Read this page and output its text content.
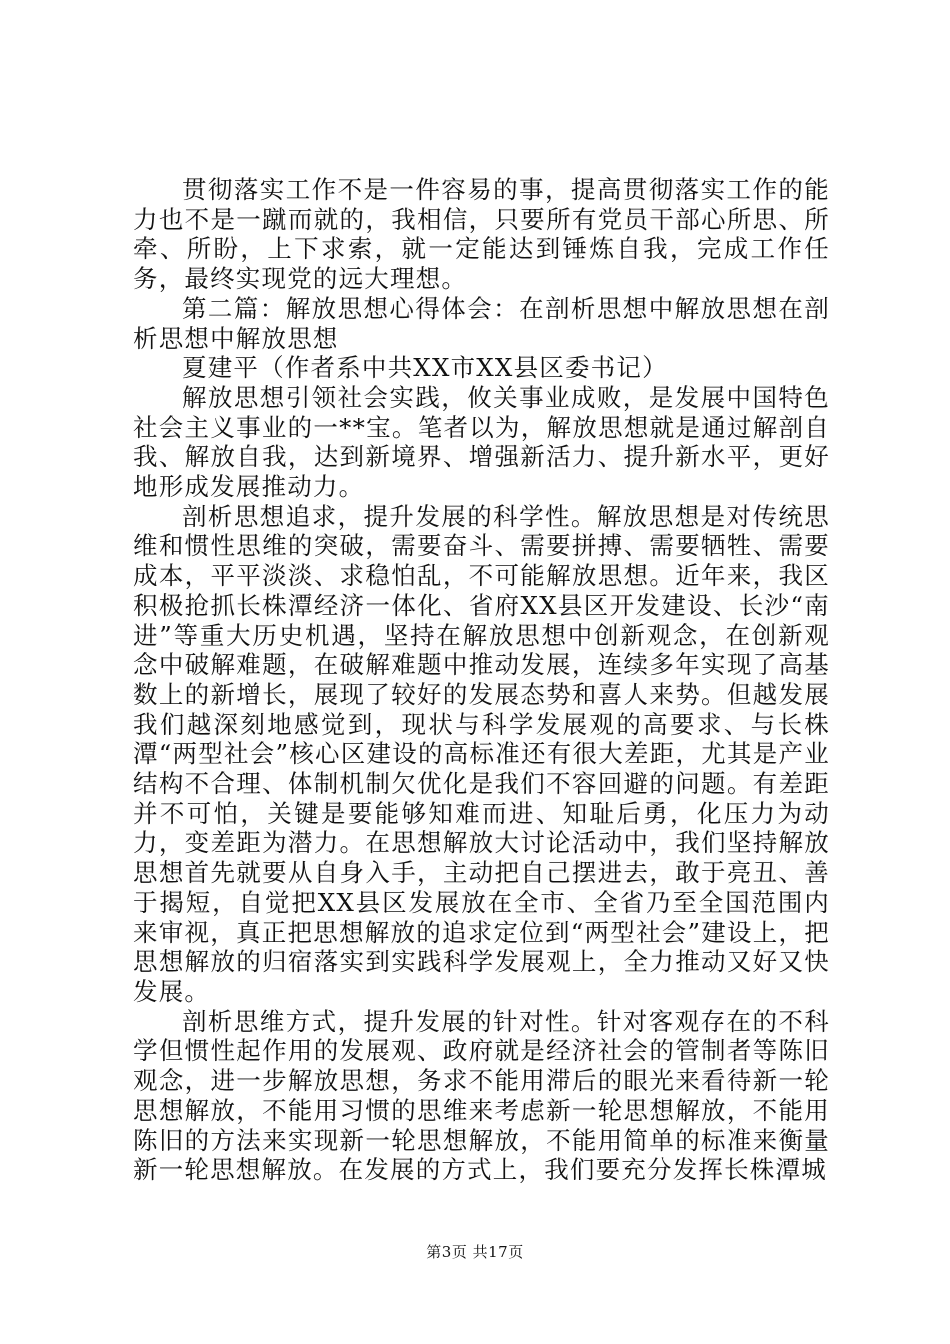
贯彻落实工作不是一件容易的事，提高贯彻落实工作的能力也不是一蹴而就的，我相信，只要所有党员干部心所思、所牵、所盼，上下求索，就一定能达到锤炼自我，完成工作任务，最终实现党的远大理想。

第二篇：解放思想心得体会：在剖析思想中解放思想在剖析思想中解放思想

夏建平（作者系中共XX市XX县区委书记）

解放思想引领社会实践，攸关事业成败，是发展中国特色社会主义事业的一**宝。笔者以为，解放思想就是通过解剖自我、解放自我，达到新境界、增强新活力、提升新水平，更好地形成发展推动力。

剖析思想追求，提升发展的科学性。解放思想是对传统思维和惯性思维的突破，需要奋斗、需要拼搏、需要牺牲、需要成本，平平淡淡、求稳怕乱，不可能解放思想。近年来，我区积极抢抓长株潭经济一体化、省府XX县区开发建设、长沙“南进”等重大历史机遇，坚持在解放思想中创新观念，在创新观念中破解难题，在破解难题中推动发展，连续多年实现了高基数上的新增长，展现了较好的发展态势和喜人来势。但越发展我们越深刻地感觉到，现状与科学发展观的高要求、与长株潭“两型社会”核心区建设的高标准还有很大差距，尤其是产业结构不合理、体制机制欠优化是我们不容回避的问题。有差距并不可怕，关键是要能够知难而进、知耻后勇，化压力为动力，变差距为潜力。在思想解放大讨论活动中，我们坚持解放思想首先就要从自身入手，主动把自己摆进去，敢于亮丑、善于揭短，自觉把XX县区发展放在全市、全省乃至全国范围内来审视，真正把思想解放的追求定位到“两型社会”建设上，把思想解放的归宿落实到实践科学发展观上，全力推动又好又快发展。

剖析思维方式，提升发展的针对性。针对客观存在的不科学但惯性起作用的发展观、政府就是经济社会的管制者等陈旧观念，进一步解放思想，务求不能用滞后的眼光来看待新一轮思想解放，不能用习惯的思维来考虑新一轮思想解放，不能用陈旧的方法来实现新一轮思想解放，不能用简单的标准来衡量新一轮思想解放。在发展的方式上，我们要充分发挥长株潭城

第3页 共17页
